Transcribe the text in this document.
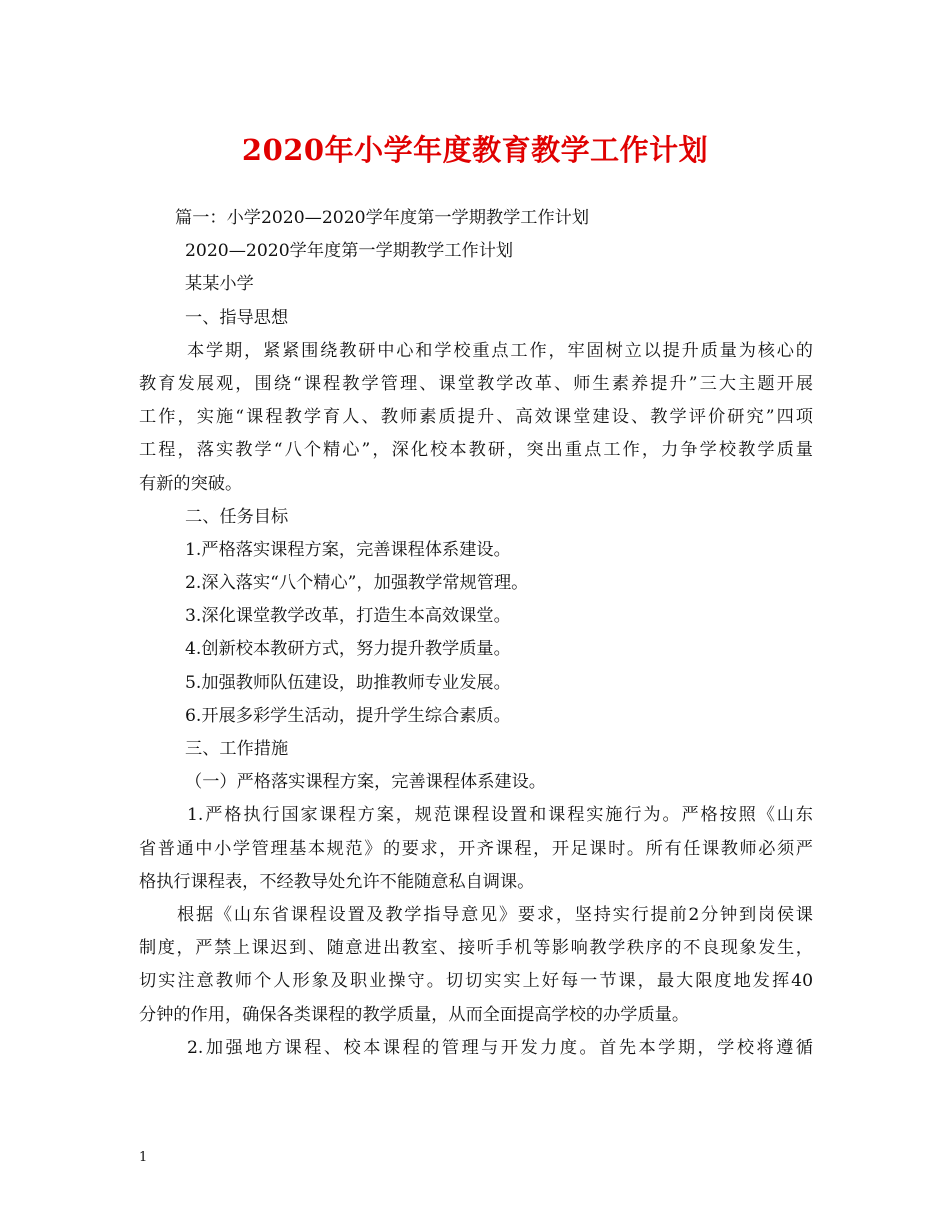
2020年小学年度教育教学工作计划
篇一：小学2020—2020学年度第一学期教学工作计划
2020—2020学年度第一学期教学工作计划
某某小学
一、指导思想
本学期，紧紧围绕教研中心和学校重点工作，牢固树立以提升质量为核心的
教育发展观，围绕“课程教学管理、课堂教学改革、师生素养提升”三大主题开展
工作，实施“课程教学育人、教师素质提升、高效课堂建设、教学评价研究”四项
工程，落实教学“八个精心”，深化校本教研，突出重点工作，力争学校教学质量
有新的突破。
二、任务目标
1.严格落实课程方案，完善课程体系建设。
2.深入落实“八个精心”，加强教学常规管理。
3.深化课堂教学改革，打造生本高效课堂。
4.创新校本教研方式，努力提升教学质量。
5.加强教师队伍建设，助推教师专业发展。
6.开展多彩学生活动，提升学生综合素质。
三、工作措施
（一）严格落实课程方案，完善课程体系建设。
1.严格执行国家课程方案，规范课程设置和课程实施行为。严格按照《山东
省普通中小学管理基本规范》的要求，开齐课程，开足课时。所有任课教师必须严
格执行课程表，不经教导处允许不能随意私自调课。
根据《山东省课程设置及教学指导意见》要求，坚持实行提前2分钟到岗侯课
制度，严禁上课迟到、随意进出教室、接听手机等影响教学秩序的不良现象发生，
切实注意教师个人形象及职业操守。切切实实上好每一节课，最大限度地发挥40
分钟的作用，确保各类课程的教学质量，从而全面提高学校的办学质量。
2.加强地方课程、校本课程的管理与开发力度。首先本学期，学校将遵循
1
